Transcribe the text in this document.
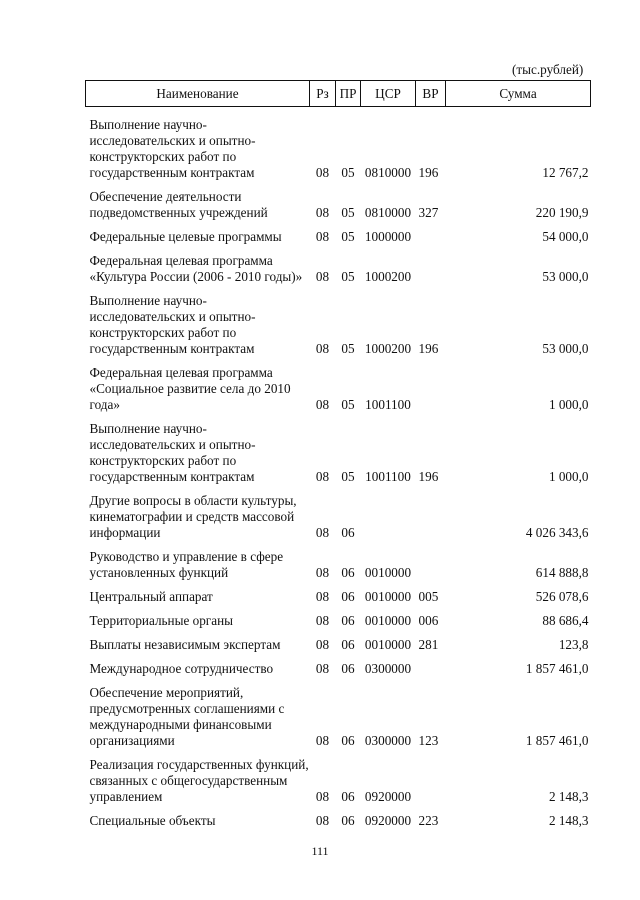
(тыс.рублей)
Наименование	Рз	ПР	ЦСР	ВР	Сумма
Выполнение научно-исследовательских и опытно-конструкторских работ по государственным контрактам	08	05	0810000	196	12 767,2
Обеспечение деятельности подведомственных учреждений	08	05	0810000	327	220 190,9
Федеральные целевые программы	08	05	1000000		54 000,0
Федеральная целевая программа «Культура России (2006 - 2010 годы)»	08	05	1000200		53 000,0
Выполнение научно-исследовательских и опытно-конструкторских работ по государственным контрактам	08	05	1000200	196	53 000,0
Федеральная целевая программа «Социальное развитие села до 2010 года»	08	05	1001100		1 000,0
Выполнение научно-исследовательских и опытно-конструкторских работ по государственным контрактам	08	05	1001100	196	1 000,0
Другие вопросы в области культуры, кинематографии и средств массовой информации	08	06			4 026 343,6
Руководство и управление в сфере установленных функций	08	06	0010000		614 888,8
Центральный аппарат	08	06	0010000	005	526 078,6
Территориальные органы	08	06	0010000	006	88 686,4
Выплаты независимым экспертам	08	06	0010000	281	123,8
Международное сотрудничество	08	06	0300000		1 857 461,0
Обеспечение мероприятий, предусмотренных соглашениями с международными финансовыми организациями	08	06	0300000	123	1 857 461,0
Реализация государственных функций, связанных с общегосударственным управлением	08	06	0920000		2 148,3
Специальные объекты	08	06	0920000	223	2 148,3
111
